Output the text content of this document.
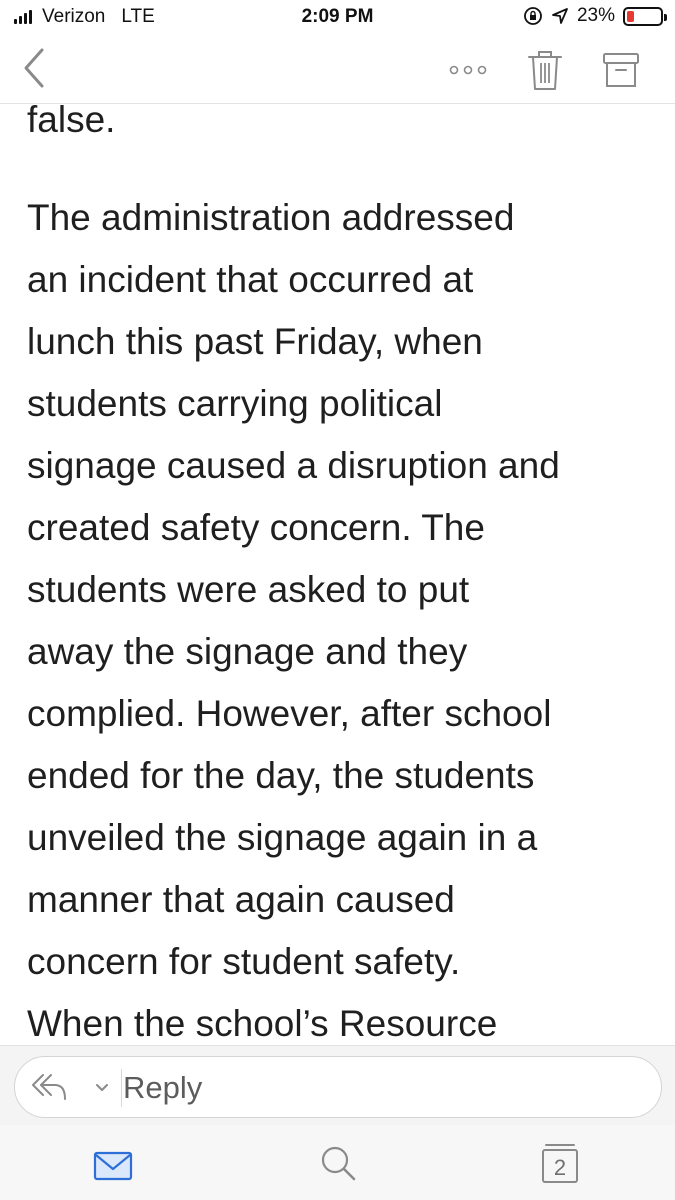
Verizon LTE	2:09 PM	23%
false.
The administration addressed
an incident that occurred at
lunch this past Friday, when
students carrying political
signage caused a disruption and
created safety concern. The
students were asked to put
away the signage and they
complied. However, after school
ended for the day, the students
unveiled the signage again in a
manner that again caused
concern for student safety.
When the school’s Resource
Reply
2
